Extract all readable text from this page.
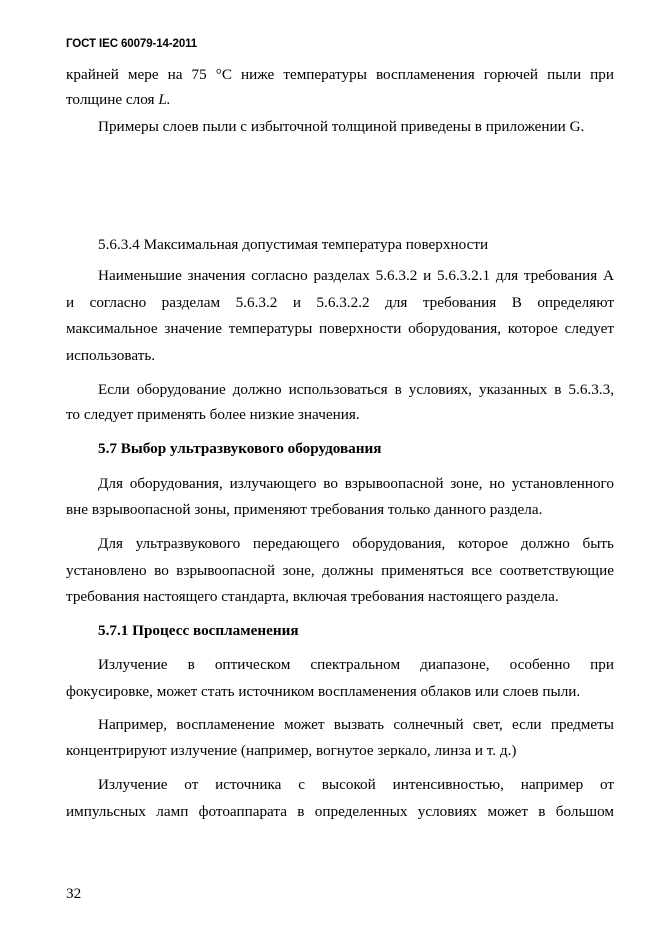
ГОСТ IEC 60079-14-2011
крайней мере на 75 °С ниже температуры воспламенения горючей пыли при
толщине слоя L.
Примеры слоев пыли с избыточной толщиной приведены в приложении G.
5.6.3.4 Максимальная допустимая температура поверхности
Наименьшие значения согласно разделах 5.6.3.2 и 5.6.3.2.1 для требования А
и согласно разделам 5.6.3.2 и 5.6.3.2.2 для требования В определяют
максимальное значение температуры поверхности оборудования, которое следует
использовать.
Если оборудование должно использоваться в условиях, указанных в 5.6.3.3,
то следует применять более низкие значения.
5.7 Выбор ультразвукового оборудования
Для оборудования, излучающего во взрывоопасной зоне, но установленного
вне взрывоопасной зоны, применяют требования только данного раздела.
Для ультразвукового передающего оборудования, которое должно быть
установлено во взрывоопасной зоне, должны применяться все соответствующие
требования настоящего стандарта, включая требования настоящего раздела.
5.7.1 Процесс воспламенения
Излучение в оптическом спектральном диапазоне, особенно при
фокусировке, может стать источником воспламенения облаков или слоев пыли.
Например, воспламенение может вызвать солнечный свет, если предметы
концентрируют излучение (например, вогнутое зеркало, линза и т. д.)
Излучение от источника с высокой интенсивностью, например от
импульсных ламп фотоаппарата в определенных условиях может в большом
32
